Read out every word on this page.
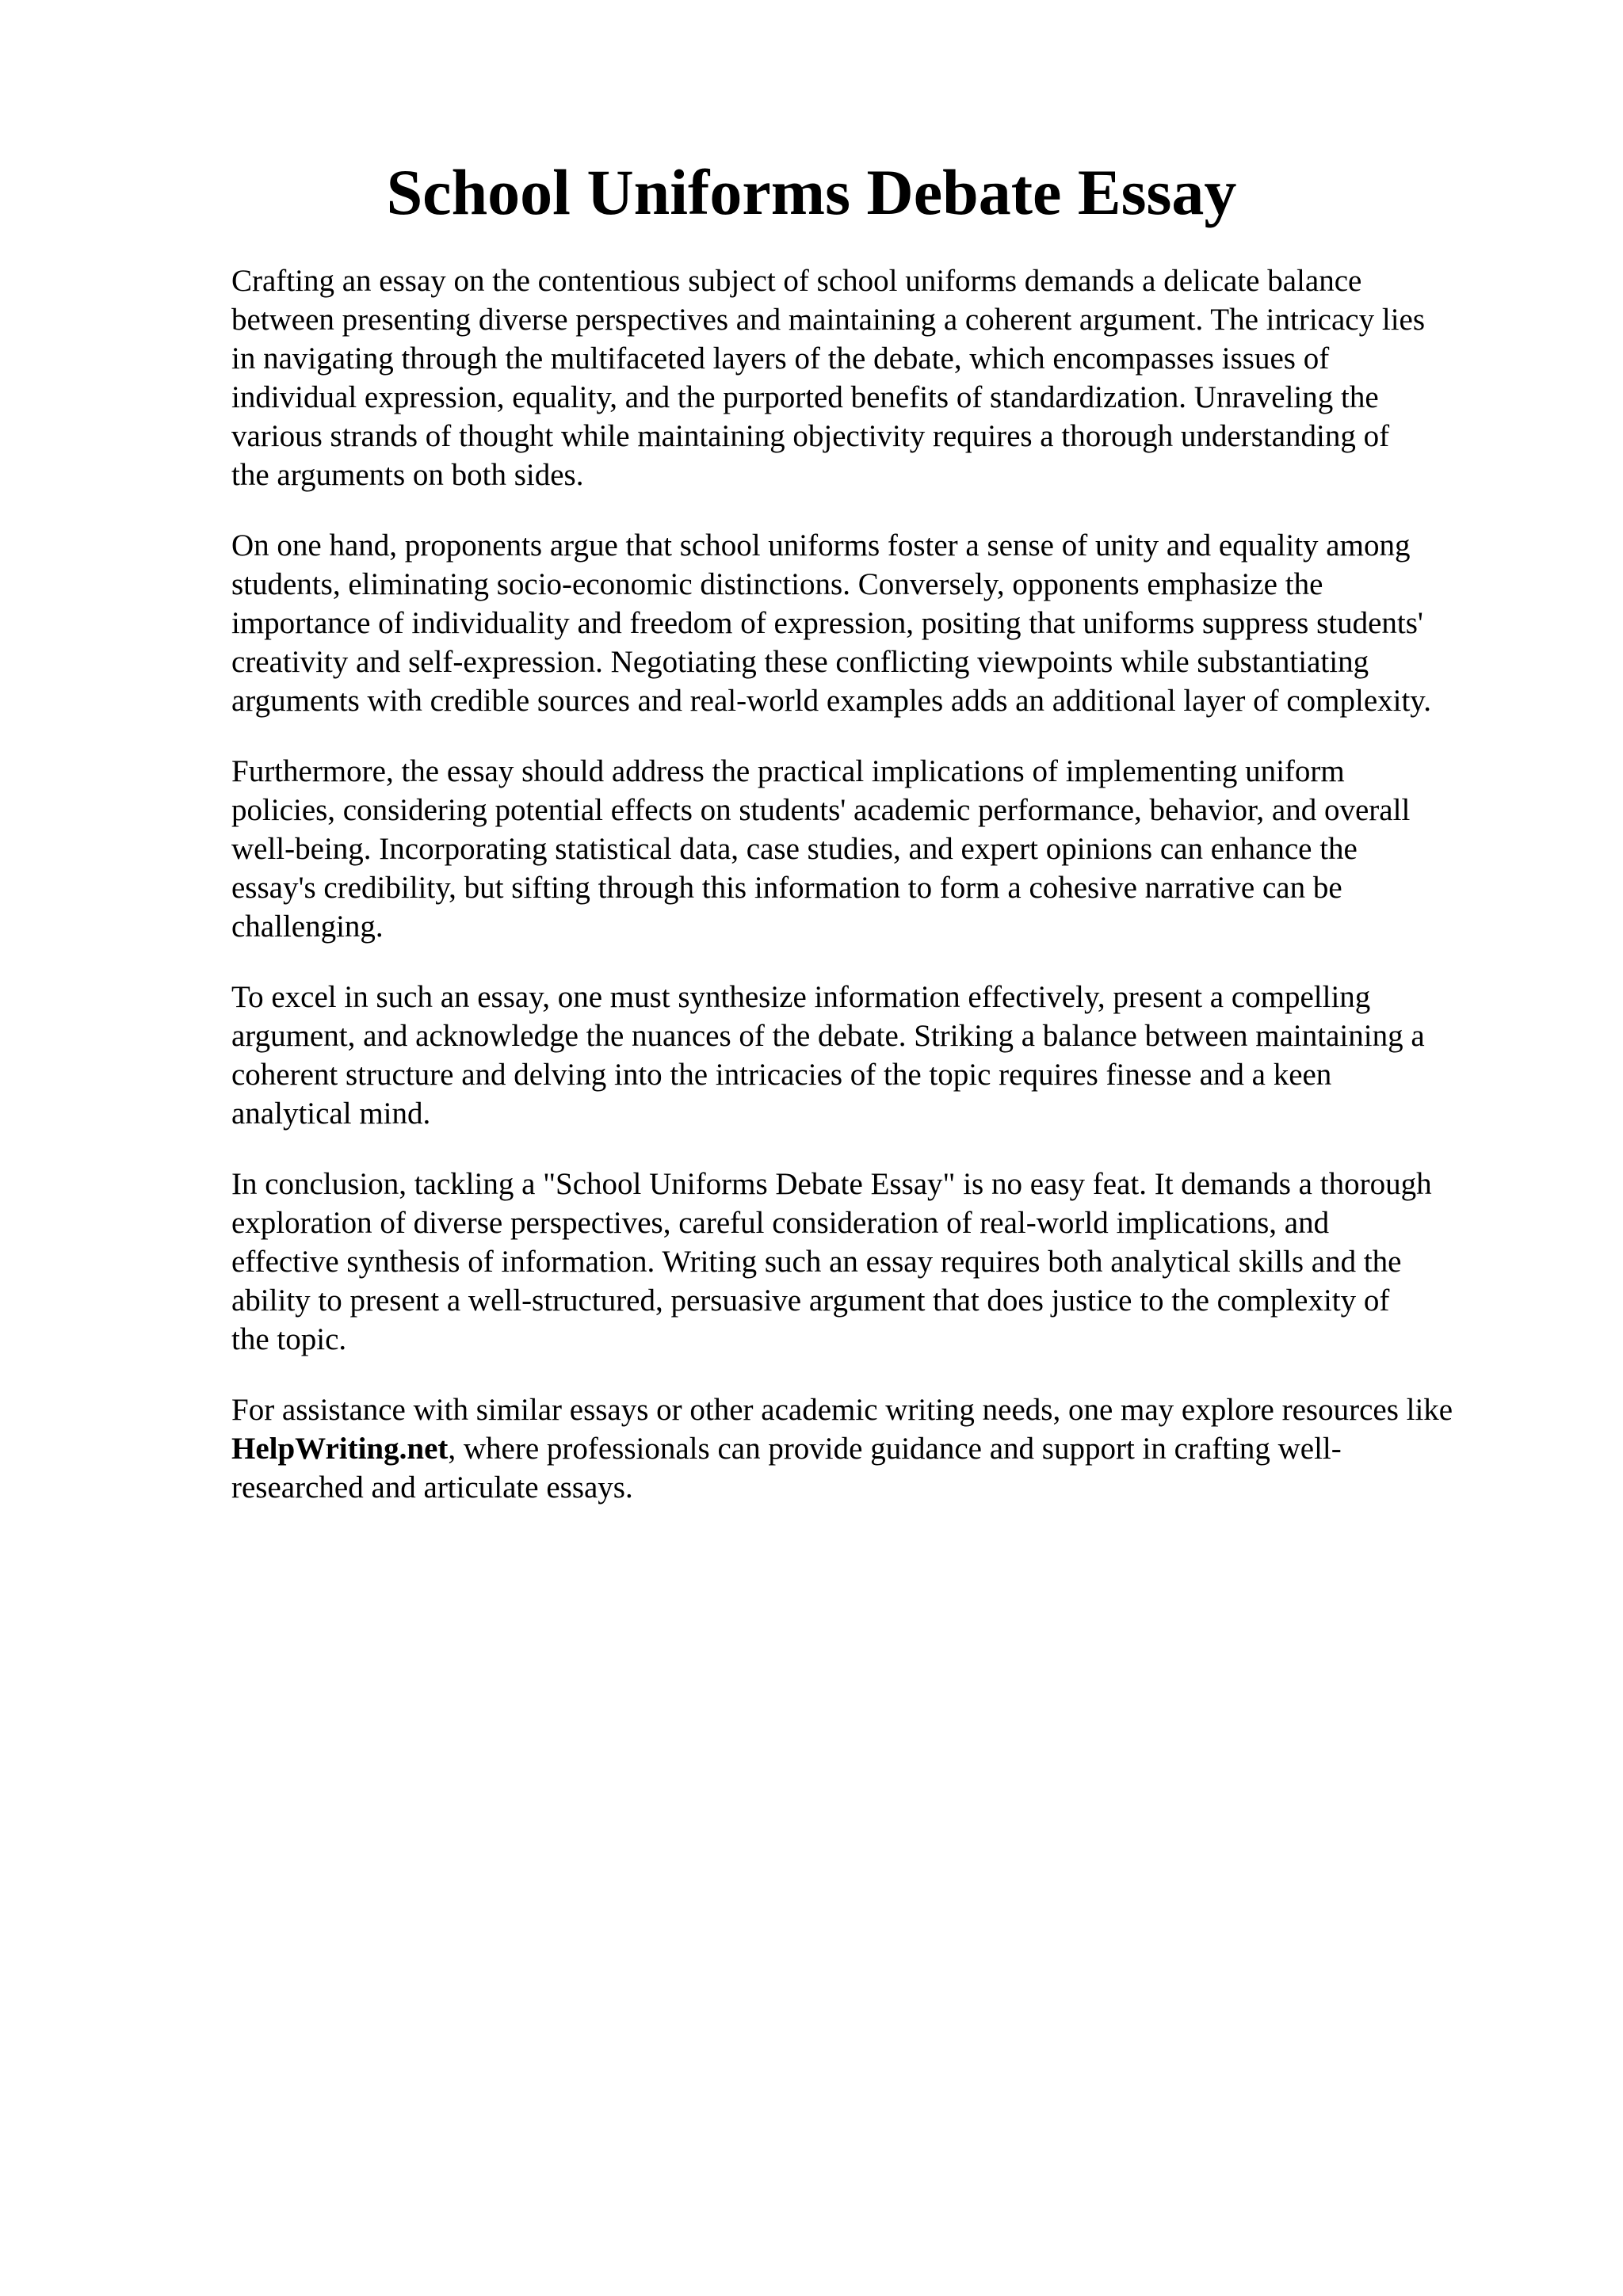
School Uniforms Debate Essay

Crafting an essay on the contentious subject of school uniforms demands a delicate balance
between presenting diverse perspectives and maintaining a coherent argument. The intricacy lies
in navigating through the multifaceted layers of the debate, which encompasses issues of
individual expression, equality, and the purported benefits of standardization. Unraveling the
various strands of thought while maintaining objectivity requires a thorough understanding of
the arguments on both sides.

On one hand, proponents argue that school uniforms foster a sense of unity and equality among
students, eliminating socio-economic distinctions. Conversely, opponents emphasize the
importance of individuality and freedom of expression, positing that uniforms suppress students'
creativity and self-expression. Negotiating these conflicting viewpoints while substantiating
arguments with credible sources and real-world examples adds an additional layer of complexity.

Furthermore, the essay should address the practical implications of implementing uniform
policies, considering potential effects on students' academic performance, behavior, and overall
well-being. Incorporating statistical data, case studies, and expert opinions can enhance the
essay's credibility, but sifting through this information to form a cohesive narrative can be
challenging.

To excel in such an essay, one must synthesize information effectively, present a compelling
argument, and acknowledge the nuances of the debate. Striking a balance between maintaining a
coherent structure and delving into the intricacies of the topic requires finesse and a keen
analytical mind.

In conclusion, tackling a "School Uniforms Debate Essay" is no easy feat. It demands a thorough
exploration of diverse perspectives, careful consideration of real-world implications, and
effective synthesis of information. Writing such an essay requires both analytical skills and the
ability to present a well-structured, persuasive argument that does justice to the complexity of
the topic.

For assistance with similar essays or other academic writing needs, one may explore resources like
HelpWriting.net, where professionals can provide guidance and support in crafting well-
researched and articulate essays.
